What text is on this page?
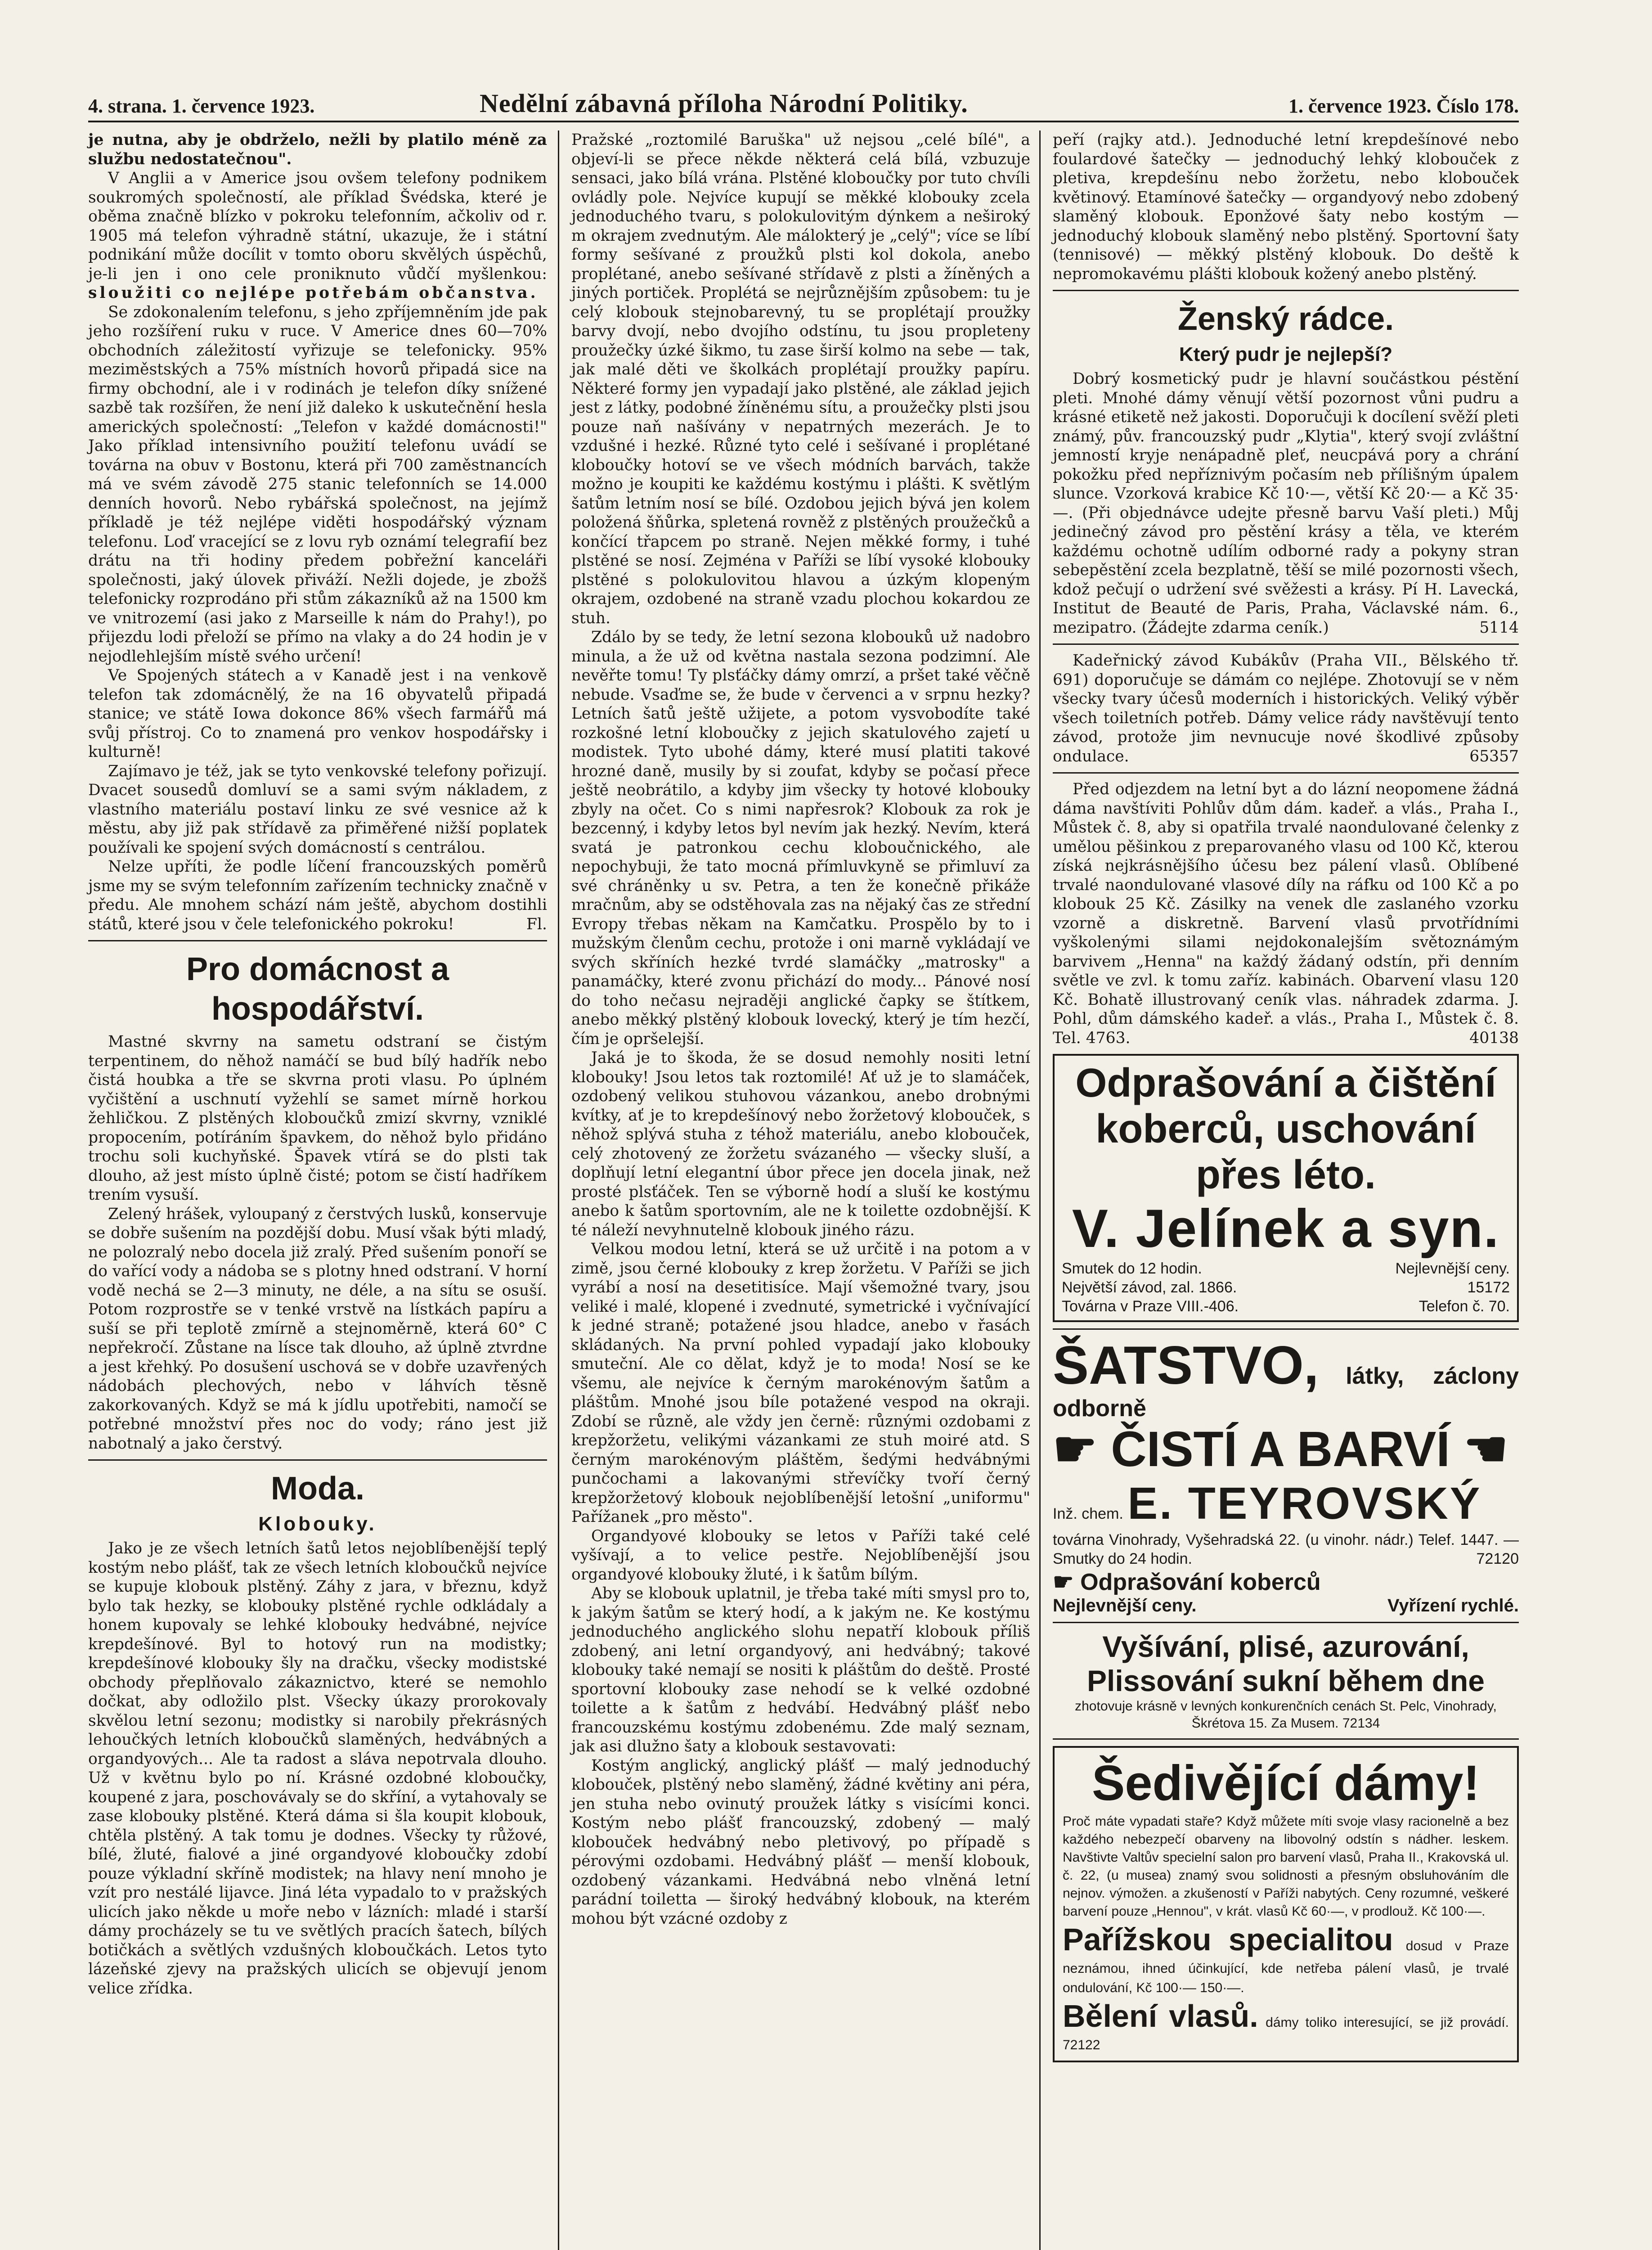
4. strana. 1. července 1923.	Nedělní zábavná příloha Národní Politiky.	1. července 1923. Číslo 178.

je nutna, aby je obdrželo, nežli by platilo méně za službu nedostatečnou".

V Anglii a v Americe jsou ovšem telefony podnikem soukromých společností, ale příklad Švédska, které je oběma značně blízko v pokroku telefonním, ačkoliv od r. 1905 má telefon výhradně státní, ukazuje, že i státní podnikání může docílit v tomto oboru skvělých úspěchů, je-li jen i ono cele proniknuto vůdčí myšlenkou: sloužiti co nejlépe potřebám občanstva.

Se zdokonalením telefonu, s jeho zpříjemněním jde pak jeho rozšíření ruku v ruce. V Americe dnes 60—70% obchodních záležitostí vyřizuje se telefonicky. 95% meziměstských a 75% místních hovorů připadá sice na firmy obchodní, ale i v rodinách je telefon díky snížené sazbě tak rozšířen, že není již daleko k uskutečnění hesla amerických společností: „Telefon v každé domácnosti!" Jako příklad intensivního použití telefonu uvádí se továrna na obuv v Bostonu, která při 700 zaměstnancích má ve svém závodě 275 stanic telefonních se 14.000 denních hovorů. Nebo rybářská společnost, na jejímž příkladě je též nejlépe viděti hospodářský význam telefonu. Loď vracející se z lovu ryb oznámí telegrafií bez drátu na tři hodiny předem pobřežní kanceláři společnosti, jaký úlovek přiváží. Nežli dojede, je zbožš telefonicky rozprodáno při stům zákazníků až na 1500 km ve vnitrozemí (asi jako z Marseille k nám do Prahy!), po přijezdu lodi přeloží se přímo na vlaky a do 24 hodin je v nejodlehlejším místě svého určení!

Ve Spojených státech a v Kanadě jest i na venkově telefon tak zdomácnělý, že na 16 obyvatelů připadá stanice; ve státě Iowa dokonce 86% všech farmářů má svůj přístroj. Co to znamená pro venkov hospodářsky i kulturně!

Zajímavo je též, jak se tyto venkovské telefony pořizují. Dvacet sousedů domluví se a sami svým nákladem, z vlastního materiálu postaví linku ze své vesnice až k městu, aby již pak střídavě za přiměřené nižší poplatek používali ke spojení svých domácností s centrálou.

Nelze upříti, že podle líčení francouzských poměrů jsme my se svým telefonním zařízením technicky značně v předu. Ale mnohem schází nám ještě, abychom dostihli států, které jsou v čele telefonického pokroku!	Fl.

Pro domácnost a hospodářství.

Mastné skvrny na sametu odstraní se čistým terpentinem, do něhož namáčí se bud bílý hadřík nebo čistá houbka a tře se skvrna proti vlasu. Po úplném vyčištění a uschnutí vyžehlí se samet mírně horkou žehličkou. Z plstěných kloboučků zmizí skvrny, vzniklé propocením, potíráním špavkem, do něhož bylo přidáno trochu soli kuchyňské. Špavek vtírá se do plsti tak dlouho, až jest místo úplně čisté; potom se čistí hadříkem trením vysuší.

Zelený hrášek, vyloupaný z čerstvých lusků, konservuje se dobře sušením na pozdější dobu. Musí však býti mladý, ne polozralý nebo docela již zralý. Před sušením ponoří se do vařící vody a nádoba se s plotny hned odstraní. V horní vodě nechá se 2—3 minuty, ne déle, a na sítu se osuší. Potom rozprostře se v tenké vrstvě na lístkách papíru a suší se při teplotě zmírně a stejnoměrně, která 60° C nepřekročí. Zůstane na lísce tak dlouho, až úplně ztvrdne a jest křehký. Po dosušení uschová se v dobře uzavřených nádobách plechových, nebo v láhvích těsně zakorkovaných. Když se má k jídlu upotřebiti, namočí se potřebné množství přes noc do vody; ráno jest již nabotnalý a jako čerstvý.

Moda.
Klobouky.

Jako je ze všech letních šatů letos nejoblíbenější teplý kostým nebo plášť, tak ze všech letních kloboučků nejvíce se kupuje klobouk plstěný. Záhy z jara, v březnu, když bylo tak hezky, se klobouky plstěné rychle odkládaly a honem kupovaly se lehké klobouky hedvábné, nejvíce krepdešínové. Byl to hotový run na modistky; krepdešínové klobouky šly na dračku, všecky modistské obchody přeplňovalo zákaznictvo, které se nemohlo dočkat, aby odložilo plst. Všecky úkazy prorokovaly skvělou letní sezonu; modistky si narobily překrásných lehoučkých letních kloboučků slaměných, hedvábných a organdyových... Ale ta radost a sláva nepotrvala dlouho. Už v květnu bylo po ní. Krásné ozdobné kloboučky, koupené z jara, poschovávaly se do skříní, a vytahovaly se zase klobouky plstěné. Která dáma si šla koupit klobouk, chtěla plstěný. A tak tomu je dodnes. Všecky ty růžové, bílé, žluté, fialové a jiné organdyové kloboučky zdobí pouze výkladní skříně modistek; na hlavy není mnoho je vzít pro nestálé lijavce. Jiná léta vypadalo to v pražských ulicích jako někde u moře nebo v lázních: mladé i starší dámy procházely se tu ve světlých pracích šatech, bílých botičkách a světlých vzdušných kloboučkách. Letos tyto lázeňské zjevy na pražských ulicích se objevují jenom velice zřídka.

Pražské „roztomilé Baruška" už nejsou „celé bílé", a objeví-li se přece někde některá celá bílá, vzbuzuje sensaci, jako bílá vrána. Plstěné kloboučky por tuto chvíli ovládly pole. Nejvíce kupují se měkké klobouky zcela jednoduchého tvaru, s polokulovitým dýnkem a neširoký m okrajem zvednutým. Ale málokterý je „celý"; více se líbí formy sešívané z proužků plsti kol dokola, anebo proplétané, anebo sešívané střídavě z plsti a žíněných a jiných portiček. Proplétá se nejrůznějším způsobem: tu je celý klobouk stejnobarevný, tu se proplétají proužky barvy dvojí, nebo dvojího odstínu, tu jsou propleteny proužečky úzké šikmo, tu zase širší kolmo na sebe — tak, jak malé děti ve školkách proplétají proužky papíru. Některé formy jen vypadají jako plstěné, ale základ jejich jest z látky, podobné žíněnému sítu, a proužečky plsti jsou pouze naň našívány v nepatrných mezerách. Je to vzdušné i hezké. Různé tyto celé i sešívané i proplétané kloboučky hotoví se ve všech módních barvách, takže možno je koupiti ke každému kostýmu i plášti. K světlým šatům letním nosí se bílé. Ozdobou jejich bývá jen kolem položená šňůrka, spletená rovněž z plstěných proužečků a končící třapcem po straně. Nejen měkké formy, i tuhé plstěné se nosí. Zejména v Paříži se líbí vysoké klobouky plstěné s polokulovitou hlavou a úzkým klopeným okrajem, ozdobené na straně vzadu plochou kokardou ze stuh.

Zdálo by se tedy, že letní sezona klobouků už nadobro minula, a že už od května nastala sezona podzimní. Ale nevěřte tomu! Ty plsťáčky dámy omrzí, a pršet také věčně nebude. Vsaďme se, že bude v červenci a v srpnu hezky? Letních šatů ještě užijete, a potom vysvobodíte také rozkošné letní kloboučky z jejich skatulového zajetí u modistek. Tyto ubohé dámy, které musí platiti takové hrozné daně, musily by si zoufat, kdyby se počasí přece ještě neobrátilo, a kdyby jim všecky ty hotové klobouky zbyly na očet. Co s nimi napřesrok? Klobouk za rok je bezcenný, i kdyby letos byl nevím jak hezký. Nevím, která svatá je patronkou cechu kloboučnického, ale nepochybuji, že tato mocná přímluvkyně se přimluví za své chráněnky u sv. Petra, a ten že konečně přikáže mračnům, aby se odstěhovala zas na nějaký čas ze střední Evropy třebas někam na Kamčatku. Prospělo by to i mužským členům cechu, protože i oni marně vykládají ve svých skříních hezké tvrdé slamáčky „matrosky" a panamáčky, které zvonu přichází do mody... Pánové nosí do toho nečasu nejraději anglické čapky se štítkem, anebo měkký plstěný klobouk lovecký, který je tím hezčí, čím je opršelejší.

Jaká je to škoda, že se dosud nemohly nositi letní klobouky! Jsou letos tak roztomilé! Ať už je to slamáček, ozdobený velikou stuhovou vázankou, anebo drobnými kvítky, ať je to krepdešínový nebo žoržetový klobouček, s něhož splývá stuha z téhož materiálu, anebo klobouček, celý zhotovený ze žoržetu svázaného — všecky sluší, a doplňují letní elegantní úbor přece jen docela jinak, než prosté plsťáček. Ten se výborně hodí a sluší ke kostýmu anebo k šatům sportovním, ale ne k toilette ozdobnější. K té náleží nevyhnutelně klobouk jiného rázu.

Velkou modou letní, která se už určitě i na potom a v zimě, jsou černé klobouky z krep žoržetu. V Paříži se jich vyrábí a nosí na desetitisíce. Mají všemožné tvary, jsou veliké i malé, klopené i zvednuté, symetrické i vyčnívající k jedné straně; potažené jsou hladce, anebo v řasách skládaných. Na první pohled vypadají jako klobouky smuteční. Ale co dělat, když je to moda! Nosí se ke všemu, ale nejvíce k černým marokénovým šatům a pláštům. Mnohé jsou bíle potažené vespod na okraji. Zdobí se různě, ale vždy jen černě: různými ozdobami z krepžoržetu, velikými vázankami ze stuh moiré atd. S černým marokénovým pláštěm, šedými hedvábnými punčochami a lakovanými střevíčky tvoří černý krepžoržetový klobouk nejoblíbenější letošní „uniformu" Pařížanek „pro město".

Organdyové klobouky se letos v Paříži také celé vyšívají, a to velice pestře. Nejoblíbenější jsou organdyové klobouky žluté, i k šatům bílým.

Aby se klobouk uplatnil, je třeba také míti smysl pro to, k jakým šatům se který hodí, a k jakým ne. Ke kostýmu jednoduchého anglického slohu nepatří klobouk příliš zdobený, ani letní organdyový, ani hedvábný; takové klobouky také nemají se nositi k pláštům do deště. Prosté sportovní klobouky zase nehodí se k velké ozdobné toilette a k šatům z hedvábí. Hedvábný plášť nebo francouzskému kostýmu zdobenému. Zde malý seznam, jak asi dlužno šaty a klobouk sestavovati:

Kostým anglický, anglický plášť — malý jednoduchý klobouček, plstěný nebo slaměný, žádné květiny ani péra, jen stuha nebo ovinutý proužek látky s visícími konci. Kostým nebo plášť francouzský, zdobený — malý klobouček hedvábný nebo pletivový, po případě s pérovými ozdobami. Hedvábný plášť — menší klobouk, ozdobený vázankami. Hedvábná nebo vlněná letní parádní toiletta — široký hedvábný klobouk, na kterém mohou být vzácné ozdoby z

peří (rajky atd.). Jednoduché letní krepdešínové nebo foulardové šatečky — jednoduchý lehký klobouček z pletiva, krepdešínu nebo žoržetu, nebo klobouček květinový. Etamínové šatečky — organdyový nebo zdobený slaměný klobouk. Eponžové šaty nebo kostým — jednoduchý klobouk slaměný nebo plstěný. Sportovní šaty (tennisové) — měkký plstěný klobouk. Do deště k nepromokavému plášti klobouk kožený anebo plstěný.

Ženský rádce.
Který pudr je nejlepší?

Dobrý kosmetický pudr je hlavní součástkou péstění pleti. Mnohé dámy věnují větší pozornost vůni pudru a krásné etiketě než jakosti. Doporučuji k docílení svěží pleti známý, pův. francouzský pudr „Klytia", který svojí zvláštní jemností kryje nenápadně pleť, neucpává pory a chrání pokožku před nepříznivým počasím neb přílišným úpalem slunce. Vzorková krabice Kč 10·—, větší Kč 20·— a Kč 35·—. (Při objednávce udejte přesně barvu Vaší pleti.) Můj jedinečný závod pro pěstění krásy a těla, ve kterém každému ochotně udílím odborné rady a pokyny stran sebepěstění zcela bezplatně, těší se milé pozornosti všech, kdož pečují o udržení své svěžesti a krásy. Pí H. Lavecká, Institut de Beauté de Paris, Praha, Václavské nám. 6., mezipatro. (Žádejte zdarma ceník.)	5114

Kadeřnický závod Kubákův (Praha VII., Bělského tř. 691) doporučuje se dámám co nejlépe. Zhotovují se v něm všecky tvary účesů moderních i historických. Veliký výběr všech toiletních potřeb. Dámy velice rády navštěvují tento závod, protože jim nevnucuje nové škodlivé způsoby ondulace.	65357

Před odjezdem na letní byt a do lázní neopomene žádná dáma navštíviti Pohlův dům dám. kadeř. a vlás., Praha I., Můstek č. 8, aby si opatřila trvalé naondulované čelenky z umělou pěšinkou z preparovaného vlasu od 100 Kč, kterou získá nejkrásnějšího účesu bez pálení vlasů. Oblíbené trvalé naondulované vlasové díly na ráfku od 100 Kč a po klobouk 25 Kč. Zásilky na venek dle zaslaného vzorku vzorně a diskretně. Barvení vlasů prvotřídními vyškolenými silami nejdokonalejším světoznámým barvivem „Henna" na každý žádaný odstín, při denním světle ve zvl. k tomu zaříz. kabinách. Obarvení vlasu 120 Kč. Bohatě illustrovaný ceník vlas. náhradek zdarma. J. Pohl, dům dámského kadeř. a vlás., Praha I., Můstek č. 8. Tel. 4763.	40138

Odprašování a čištění koberců, uschování přes léto.
V. Jelínek a syn.
Smutek do 12 hodin.	Nejlevnější ceny.
Největší závod, zal. 1866.	15172
Továrna v Praze VIII.-406.	Telefon č. 70.
ŠATSTVO, látky, záclony odborně
☛ ČISTÍ A BARVÍ ☚
Inž. chem. E. TEYROVSKÝ
továrna Vinohrady, Vyšehradská 22. (u vinohr. nádr.) Telef. 1447. — Smutky do 24 hodin.	72120
☛ Odprašování koberců
Nejlevnější ceny.	Vyřízení rychlé.
Vyšívání, plisé, azurování,
Plissování sukní během dne
zhotovuje krásně v levných konkurenčních cenách St. Pelc, Vinohrady, Škrétova 15. Za Musem. 72134
Šedivějící dámy!
Proč máte vypadati staře? Když můžete míti svoje vlasy racionelně a bez každého nebezpečí obarveny na libovolný odstín s nádher. leskem. Navštivte Valtův specielní salon pro barvení vlasů, Praha II., Krakovská ul. č. 22, (u musea) znamý svou solidnosti a přesným obsluhováním dle nejnov. výmožen. a zkušeností v Paříži nabytých. Ceny rozumné, veškeré barvení pouze „Hennou", v krát. vlasů Kč 60·—, v prodlouž. Kč 100·—.
Pařížskou specialitou dosud v Praze neznámou, ihned účinkující, kde netřeba pálení vlasů, je trvalé ondulování, Kč 100·— 150·—.
Bělení vlasů. dámy toliko interesující, se již provádí. 72122
